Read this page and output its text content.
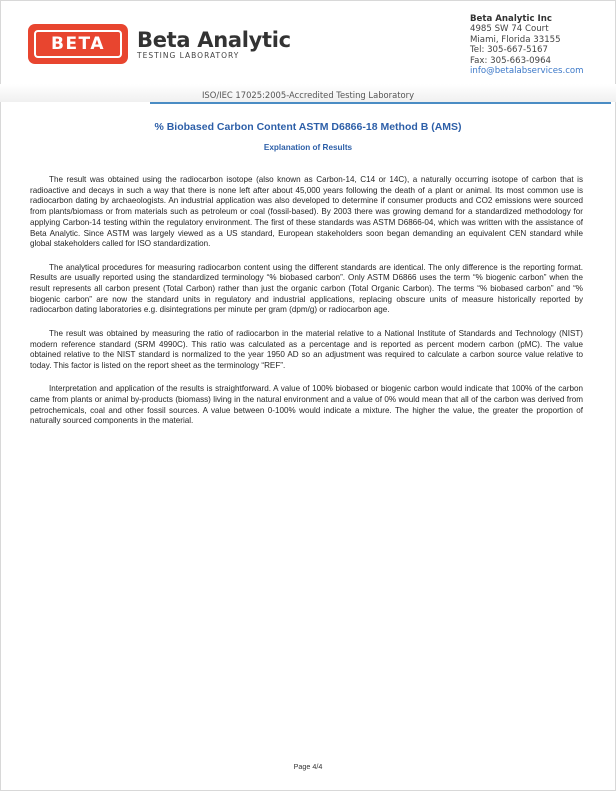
BETA	Beta Analytic
TESTING LABORATORY
Beta Analytic Inc
4985 SW 74 Court
Miami, Florida 33155
Tel: 305-667-5167
Fax: 305-663-0964
info@betalabservices.com
ISO/IEC 17025:2005-Accredited Testing Laboratory
% Biobased Carbon Content ASTM D6866-18 Method B (AMS)
Explanation of Results

The result was obtained using the radiocarbon isotope (also known as Carbon-14, C14 or 14C), a naturally occurring isotope of carbon that is radioactive and decays in such a way that there is none left after about 45,000 years following the death of a plant or animal. Its most common use is radiocarbon dating by archaeologists. An industrial application was also developed to determine if consumer products and CO2 emissions were sourced from plants/biomass or from materials such as petroleum or coal (fossil-based). By 2003 there was growing demand for a standardized methodology for applying Carbon-14 testing within the regulatory environment. The first of these standards was ASTM D6866-04, which was written with the assistance of Beta Analytic. Since ASTM was largely viewed as a US standard, European stakeholders soon began demanding an equivalent CEN standard while global stakeholders called for ISO standardization.

The analytical procedures for measuring radiocarbon content using the different standards are identical. The only difference is the reporting format. Results are usually reported using the standardized terminology “% biobased carbon”. Only ASTM D6866 uses the term “% biogenic carbon” when the result represents all carbon present (Total Carbon) rather than just the organic carbon (Total Organic Carbon). The terms “% biobased carbon” and “% biogenic carbon” are now the standard units in regulatory and industrial applications, replacing obscure units of measure historically reported by radiocarbon dating laboratories e.g. disintegrations per minute per gram (dpm/g) or radiocarbon age.

The result was obtained by measuring the ratio of radiocarbon in the material relative to a National Institute of Standards and Technology (NIST) modern reference standard (SRM 4990C). This ratio was calculated as a percentage and is reported as percent modern carbon (pMC). The value obtained relative to the NIST standard is normalized to the year 1950 AD so an adjustment was required to calculate a carbon source value relative to today. This factor is listed on the report sheet as the terminology “REF”.

Interpretation and application of the results is straightforward. A value of 100% biobased or biogenic carbon would indicate that 100% of the carbon came from plants or animal by-products (biomass) living in the natural environment and a value of 0% would mean that all of the carbon was derived from petrochemicals, coal and other fossil sources. A value between 0-100% would indicate a mixture. The higher the value, the greater the proportion of naturally sourced components in the material.

Page 4/4
